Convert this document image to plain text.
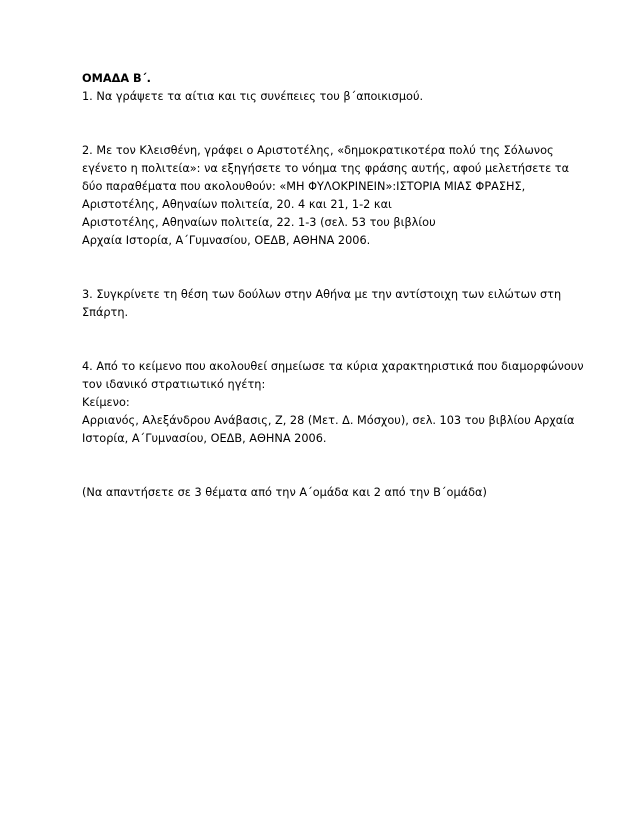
ΟΜΑΔΑ Β΄.
1. Να γράψετε τα αίτια και τις συνέπειες του β΄αποικισμού.
2. Με τον Κλεισθένη, γράφει ο Αριστοτέλης, «δημοκρατικοτέρα πολύ της Σόλωνος
εγένετο η πολιτεία»: να εξηγήσετε το νόημα της φράσης αυτής, αφού μελετήσετε τα
δύο παραθέματα που ακολουθούν: «ΜΗ ΦΥΛΟΚΡΙΝΕΙΝ»:ΙΣΤΟΡΙΑ ΜΙΑΣ ΦΡΑΣΗΣ,
Αριστοτέλης, Αθηναίων πολιτεία, 20. 4 και 21, 1-2 και
Αριστοτέλης, Αθηναίων πολιτεία, 22. 1-3 (σελ. 53 του βιβλίου
Αρχαία Ιστορία, Α΄Γυμνασίου, ΟΕΔΒ, ΑΘΗΝΑ 2006.
3. Συγκρίνετε τη θέση των δούλων στην Αθήνα με την αντίστοιχη των ειλώτων στη
Σπάρτη.
4. Από το κείμενο που ακολουθεί σημείωσε τα κύρια χαρακτηριστικά που διαμορφώνουν
τον ιδανικό στρατιωτικό ηγέτη:
Κείμενο:
Αρριανός, Αλεξάνδρου Ανάβασις, Ζ, 28 (Μετ. Δ. Μόσχου), σελ. 103 του βιβλίου Αρχαία
Ιστορία, Α΄Γυμνασίου, ΟΕΔΒ, ΑΘΗΝΑ 2006.
(Να απαντήσετε σε 3 θέματα από την Α΄ομάδα και 2 από την Β΄ομάδα)
